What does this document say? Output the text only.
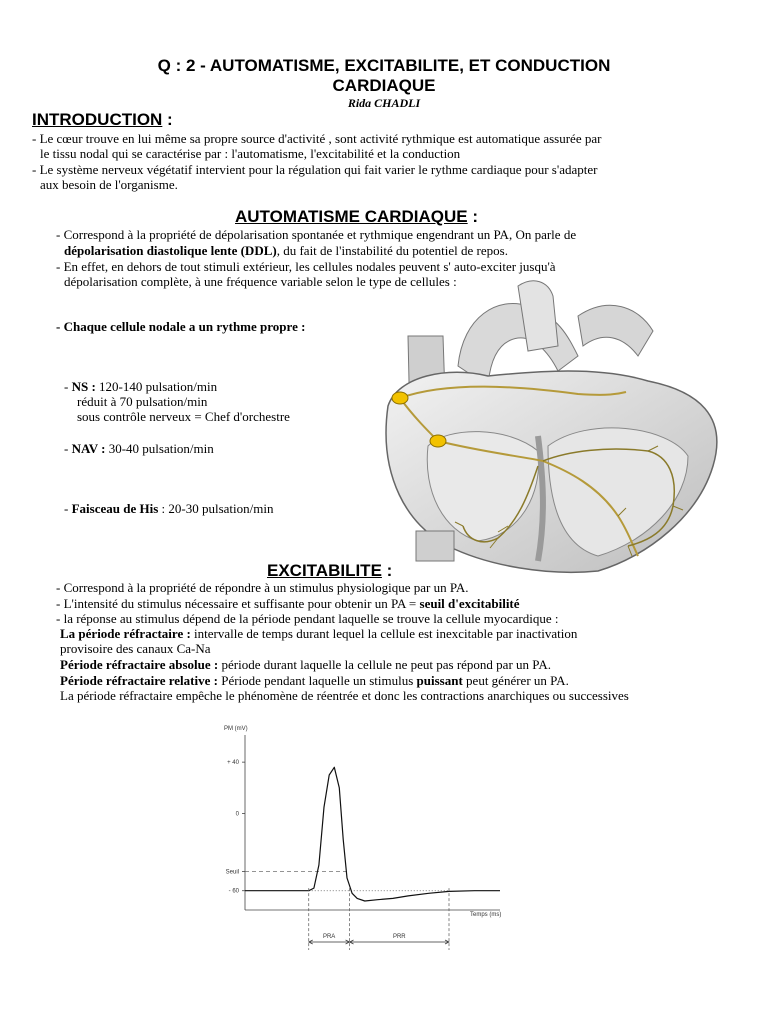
Q : 2 - AUTOMATISME, EXCITABILITE, ET CONDUCTION
CARDIAQUE
Rida CHADLI
INTRODUCTION :
- Le cœur trouve en lui même sa propre source d'activité , sont activité rythmique est automatique assurée par
le tissu nodal qui se caractérise par : l'automatisme, l'excitabilité et la conduction
- Le système nerveux végétatif intervient pour la régulation qui fait varier le rythme cardiaque pour s'adapter
aux besoin de l'organisme.
AUTOMATISME CARDIAQUE :
- Correspond à la propriété de dépolarisation spontanée et rythmique engendrant un PA, On parle de
dépolarisation diastolique lente (DDL), du fait de l'instabilité du potentiel de repos.
- En effet, en dehors de tout stimuli extérieur, les cellules nodales peuvent s' auto-exciter jusqu'à
dépolarisation complète, à une fréquence variable selon le type de cellules :
- Chaque cellule nodale a un rythme propre :
- NS : 120-140 pulsation/min
réduit à 70 pulsation/min
sous contrôle nerveux = Chef d'orchestre
- NAV : 30-40 pulsation/min
- Faisceau de His : 20-30 pulsation/min
EXCITABILITE :
- Correspond à la propriété de répondre à un stimulus physiologique par un PA.
- L'intensité du stimulus nécessaire et suffisante pour obtenir un PA = seuil d'excitabilité
- la réponse au stimulus dépend de la période pendant laquelle se trouve la cellule myocardique :
La période réfractaire : intervalle de temps durant lequel la cellule est inexcitable par inactivation
provisoire des canaux Ca-Na
Période réfractaire absolue : période durant laquelle la cellule ne peut pas répond par un PA.
Période réfractaire relative : Période pendant laquelle un stimulus puissant peut générer un PA.
La période réfractaire empêche le phénomène de réentrée et donc les contractions anarchiques ou successives
PM (mV)
Temps (ms)
+ 40
0
Seuil
- 60
PRA	PRR
